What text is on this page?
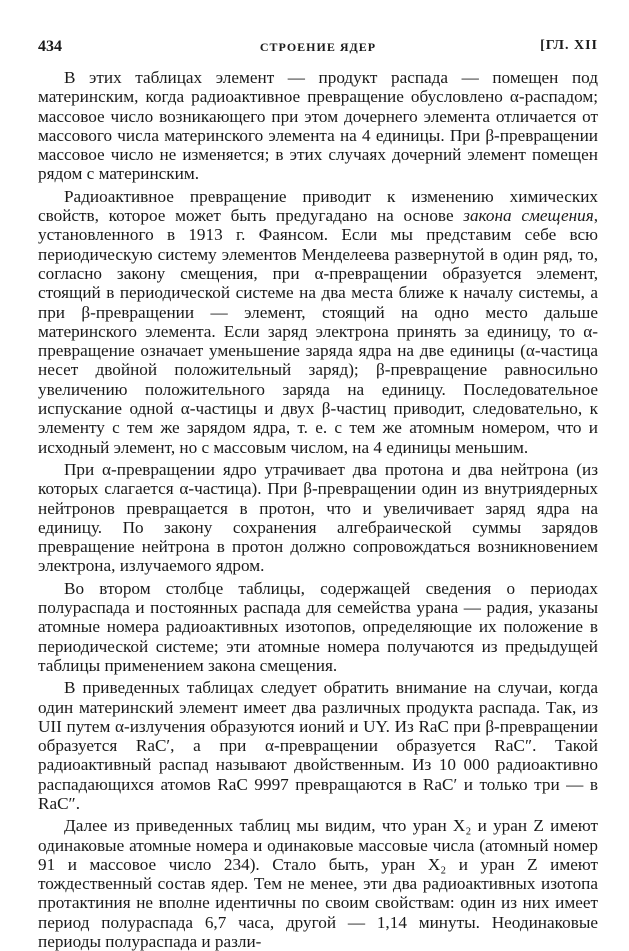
434	СТРОЕНИЕ ЯДЕР	[ГЛ. XII

В этих таблицах элемент — продукт распада — помещен под материнским, когда радиоактивное превращение обусловлено α-распадом; массовое число возникающего при этом дочернего элемента отличается от массового числа материнского элемента на 4 единицы. При β-превращении массовое число не изменяется; в этих случаях дочерний элемент помещен рядом с материнским.

Радиоактивное превращение приводит к изменению химических свойств, которое может быть предугадано на основе закона смещения, установленного в 1913 г. Фаянсом. Если мы представим себе всю периодическую систему элементов Менделеева развернутой в один ряд, то, согласно закону смещения, при α-превращении образуется элемент, стоящий в периодической системе на два места ближе к началу системы, а при β-превращении — элемент, стоящий на одно место дальше материнского элемента. Если заряд электрона принять за единицу, то α-превращение означает уменьшение заряда ядра на две единицы (α-частица несет двойной положительный заряд); β-превращение равносильно увеличению положительного заряда на единицу. Последовательное испускание одной α-частицы и двух β-частиц приводит, следовательно, к элементу с тем же зарядом ядра, т. е. с тем же атомным номером, что и исходный элемент, но с массовым числом, на 4 единицы меньшим.

При α-превращении ядро утрачивает два протона и два нейтрона (из которых слагается α-частица). При β-превращении один из внутриядерных нейтронов превращается в протон, что и увеличивает заряд ядра на единицу. По закону сохранения алгебраической суммы зарядов превращение нейтрона в протон должно сопровождаться возникновением электрона, излучаемого ядром.

Во втором столбце таблицы, содержащей сведения о периодах полураспада и постоянных распада для семейства урана — радия, указаны атомные номера радиоактивных изотопов, определяющие их положение в периодической системе; эти атомные номера получаются из предыдущей таблицы применением закона смещения.

В приведенных таблицах следует обратить внимание на случаи, когда один материнский элемент имеет два различных продукта распада. Так, из UII путем α-излучения образуются ионий и UY. Из RaC при β-превращении образуется RaC′, а при α-превращении образуется RaC″. Такой радиоактивный распад называют двойственным. Из 10 000 радиоактивно распадающихся атомов RaC 9997 превращаются в RaC′ и только три — в RaC″.

Далее из приведенных таблиц мы видим, что уран X₂ и уран Z имеют одинаковые атомные номера и одинаковые массовые числа (атомный номер 91 и массовое число 234). Стало быть, уран X₂ и уран Z имеют тождественный состав ядер. Тем не менее, эти два радиоактивных изотопа протактиния не вполне идентичны по своим свойствам: один из них имеет период полураспада 6,7 часа, другой — 1,14 минуты. Неодинаковые периоды полураспада и разли-
